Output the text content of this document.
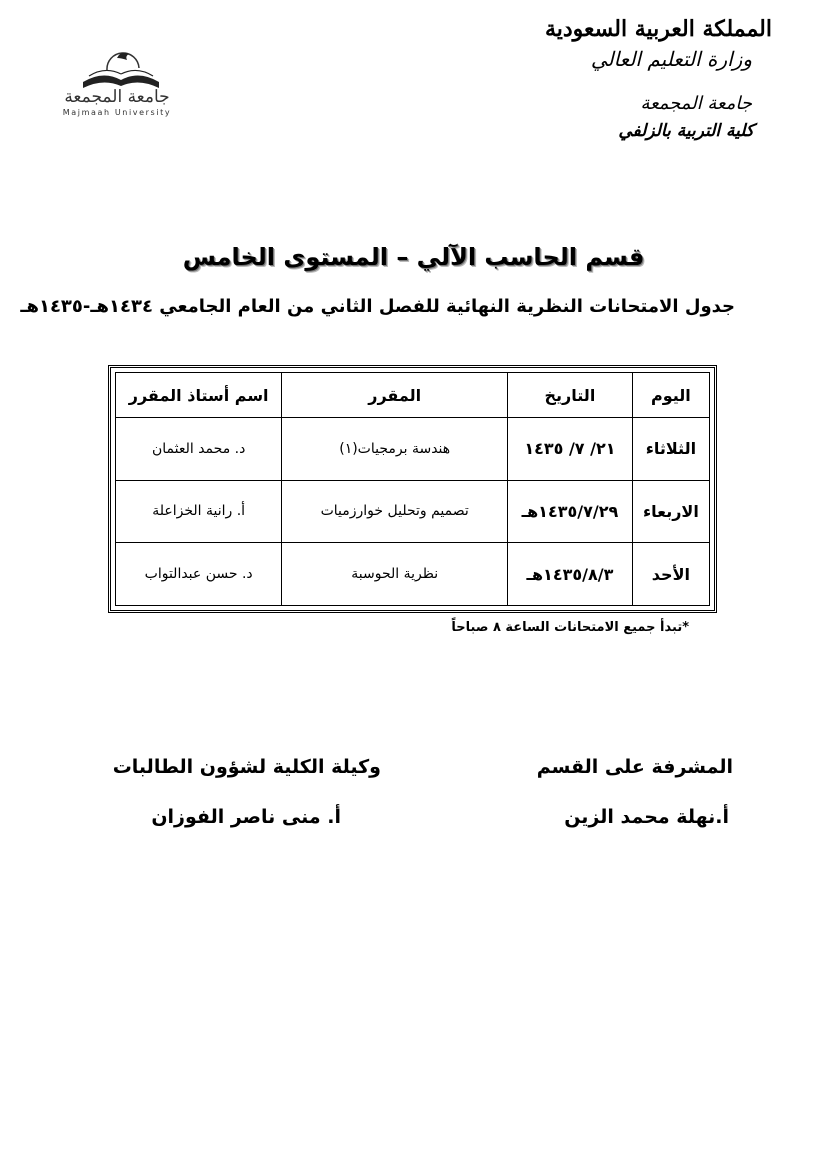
جامعة المجمعة
Majmaah University
المملكة العربية السعودية
وزارة التعليم العالي
جامعة المجمعة
كلية التربية بالزلفي
قسم الحاسب الآلي – المستوى الخامس
جدول الامتحانات النظرية النهائية للفصل الثاني من العام الجامعي ١٤٣٤هـ-١٤٣٥هـ
اليوم	التاريخ	المقرر	اسم أستاذ المقرر
الثلاثاء	٢١/ ٧/ ١٤٣٥	هندسة برمجيات(١)	د. محمد العثمان
الاربعاء	١٤٣٥/٧/٢٩هـ	تصميم وتحليل خوارزميات	أ. رانية الخزاعلة
الأحد	١٤٣٥/٨/٣هـ	نظرية الحوسبة	د. حسن عبدالتواب
*تبدأ جميع الامتحانات الساعة ٨ صباحاً
المشرفة على القسم
أ.نهلة محمد الزين
وكيلة الكلية لشؤون الطالبات
أ. منى ناصر الفوزان
